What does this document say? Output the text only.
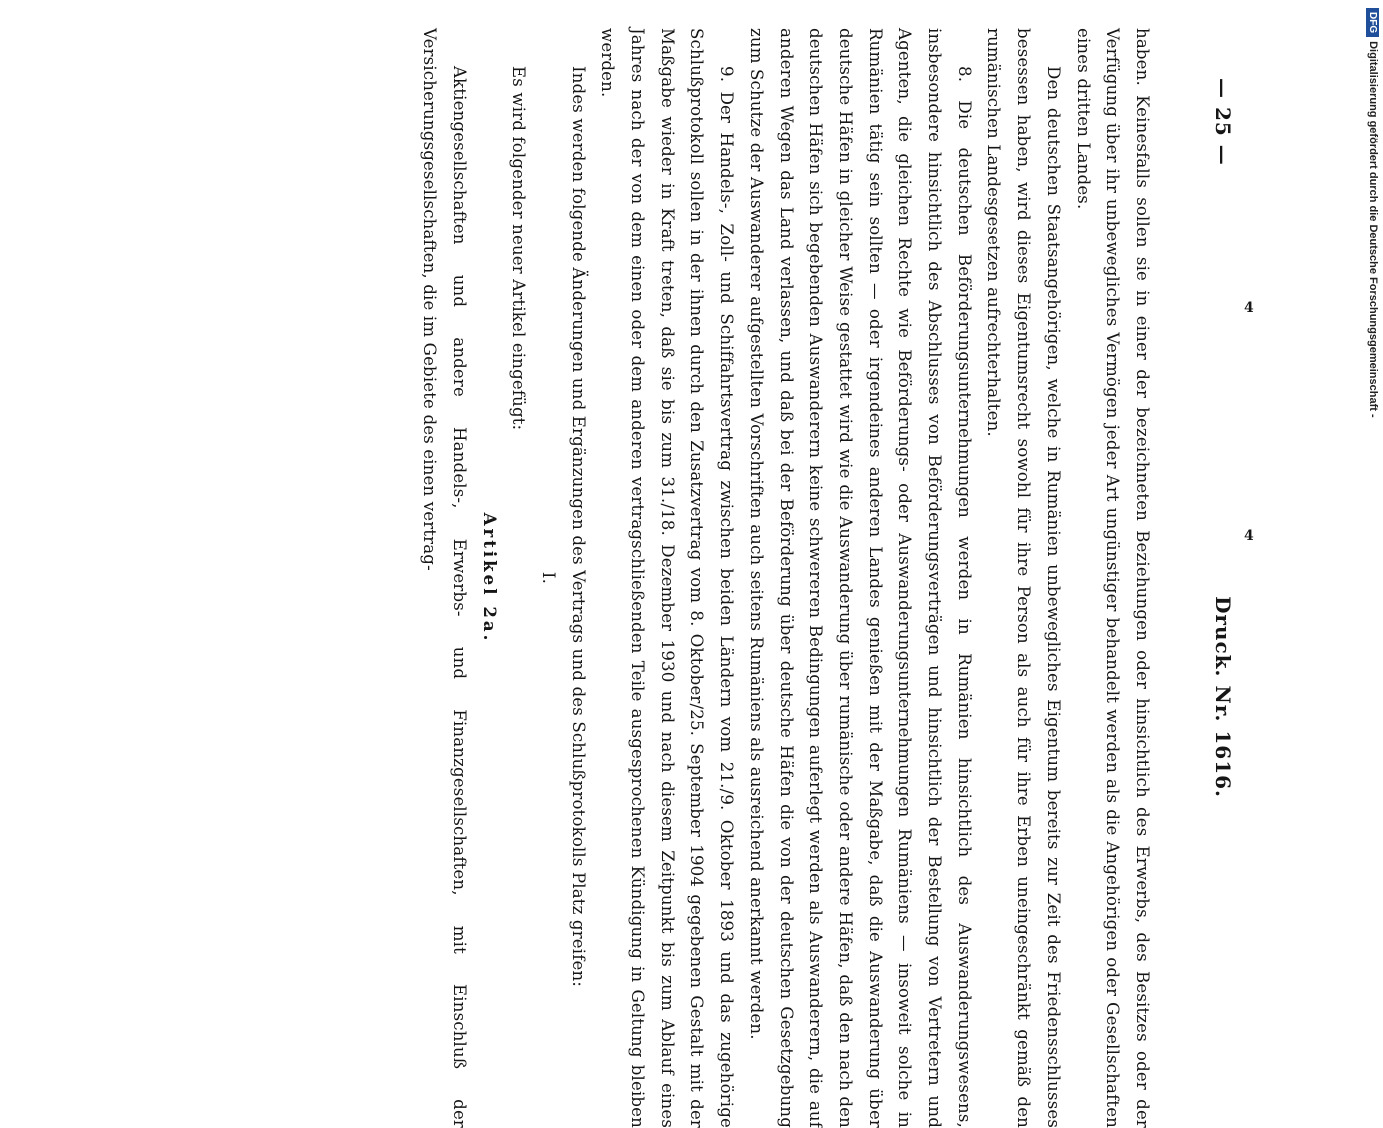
— 25 —
Druck. Nr. 1616.

haben. Keinesfalls sollen sie in einer der bezeichneten Beziehungen oder hinsichtlich des Erwerbs, des Besitzes oder der Verfügung über ihr unbewegliches Vermögen jeder Art ungünstiger behandelt werden als die Angehörigen oder Gesellschaften eines dritten Landes.

Den deutschen Staatsangehörigen, welche in Rumänien unbewegliches Eigentum bereits zur Zeit des Friedensschlusses besessen haben, wird dieses Eigentumsrecht sowohl für ihre Person als auch für ihre Erben uneingeschränkt gemäß den rumänischen Landesgesetzen aufrechterhalten.

8. Die deutschen Beförderungsunternehmungen werden in Rumänien hinsichtlich des Auswanderungswesens, insbesondere hinsichtlich des Abschlusses von Beförderungsverträgen und hinsichtlich der Bestellung von Vertretern und Agenten, die gleichen Rechte wie Beförderungs- oder Auswanderungsunternehmungen Rumäniens — insoweit solche in Rumänien tätig sein sollten — oder irgendeines anderen Landes genießen mit der Maßgabe, daß die Auswanderung über deutsche Häfen in gleicher Weise gestattet wird wie die Auswanderung über rumänische oder andere Häfen, daß den nach den deutschen Häfen sich begebenden Auswanderern keine schwereren Bedingungen auferlegt werden als Auswanderern, die auf anderen Wegen das Land verlassen, und daß bei der Beförderung über deutsche Häfen die von der deutschen Gesetzgebung zum Schutze der Auswanderer aufgestellten Vorschriften auch seitens Rumäniens als ausreichend anerkannt werden.

9. Der Handels-, Zoll- und Schiffahrtsvertrag zwischen beiden Ländern vom 21./9. Oktober 1893 und das zugehörige Schlußprotokoll sollen in der ihnen durch den Zusatzvertrag vom 8. Oktober/25. September 1904 gegebenen Gestalt mit der Maßgabe wieder in Kraft treten, daß sie bis zum 31./18. Dezember 1930 und nach diesem Zeitpunkt bis zum Ablauf eines Jahres nach der von dem einen oder dem anderen vertragschließenden Teile ausgesprochenen Kündigung in Geltung bleiben werden.

Indes werden folgende Änderungen und Ergänzungen des Vertrags und des Schlußprotokolls Platz greifen:

I.

Es wird folgender neuer Artikel eingefügt:

Artikel 2a.

Aktiengesellschaften und andere Handels-, Erwerbs- und Finanzgesellschaften, mit Einschluß der Versicherungsgesellschaften, die im Gebiete des einen vertrag-	4
4
DFGDigitalisierung gefördert durch die Deutsche Forschungsgemeinschaft -
